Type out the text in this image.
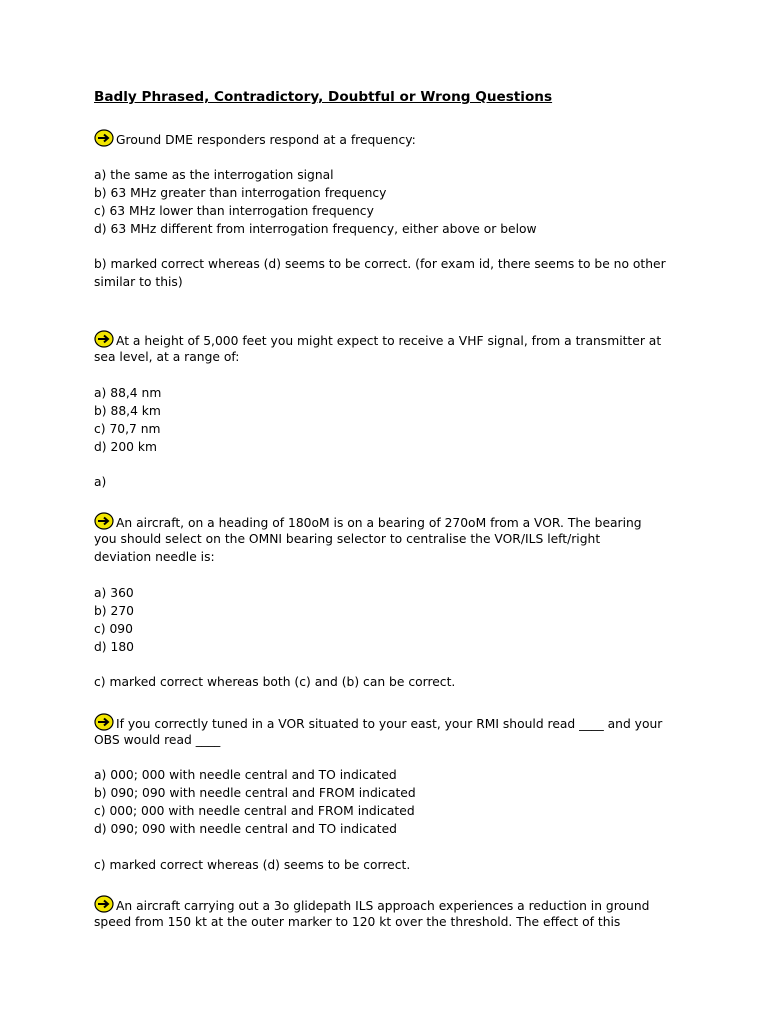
Badly Phrased, Contradictory, Doubtful or Wrong Questions
Ground DME responders respond at a frequency:
a) the same as the interrogation signal
b) 63 MHz greater than interrogation frequency
c) 63 MHz lower than interrogation frequency
d) 63 MHz different from interrogation frequency, either above or below
b) marked correct whereas (d) seems to be correct. (for exam id, there seems to be no other
similar to this)
At a height of 5,000 feet you might expect to receive a VHF signal, from a transmitter at
sea level, at a range of:
a) 88,4 nm
b) 88,4 km
c) 70,7 nm
d) 200 km
a)
An aircraft, on a heading of 180oM is on a bearing of 270oM from a VOR. The bearing
you should select on the OMNI bearing selector to centralise the VOR/ILS left/right
deviation needle is:
a) 360
b) 270
c) 090
d) 180
c) marked correct whereas both (c) and (b) can be correct.
If you correctly tuned in a VOR situated to your east, your RMI should read ____ and your
OBS would read ____
a) 000; 000 with needle central and TO indicated
b) 090; 090 with needle central and FROM indicated
c) 000; 000 with needle central and FROM indicated
d) 090; 090 with needle central and TO indicated
c) marked correct whereas (d) seems to be correct.
An aircraft carrying out a 3o glidepath ILS approach experiences a reduction in ground
speed from 150 kt at the outer marker to 120 kt over the threshold. The effect of this
